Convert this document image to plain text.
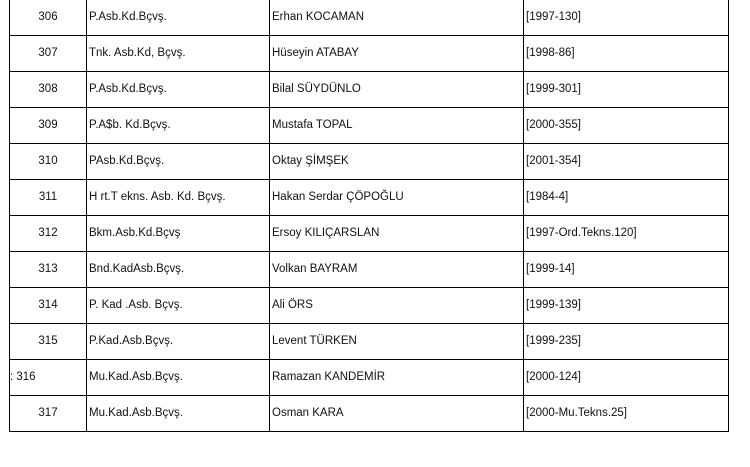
306	P.Asb.Kd.Bçvş.	Erhan KOCAMAN	[1997-130]
307	Tnk. Asb.Kd, Bçvş.	Hüseyin ATABAY	[1998-86]
308	P.Asb.Kd.Bçvş.	Bilal SÜYDÜNLO	[1999-301]
309	P.A$b. Kd.Bçvş.	Mustafa TOPAL	[2000-355]
310	PAsb.Kd.Bçvş.	Oktay ŞİMŞEK	[2001-354]
311	H rt.T ekns. Asb. Kd. Bçvş.	Hakan Serdar ÇÖPOĞLU	[1984-4]
312	Bkm.Asb.Kd.Bçvş	Ersoy KILIÇARSLAN	[1997-Ord.Tekns.120]
313	Bnd.KadAsb.Bçvş.	Volkan BAYRAM	[1999-14]
314	P. Kad .Asb. Bçvş.	Ali ÖRS	[1999-139]
315	P.Kad.Asb.Bçvş.	Levent TÜRKEN	[1999-235]
: 316	Mu.Kad.Asb.Bçvş.	Ramazan KANDEMİR	[2000-124]
317	Mu.Kad.Asb.Bçvş.	Osman KARA	[2000-Mu.Tekns.25]
